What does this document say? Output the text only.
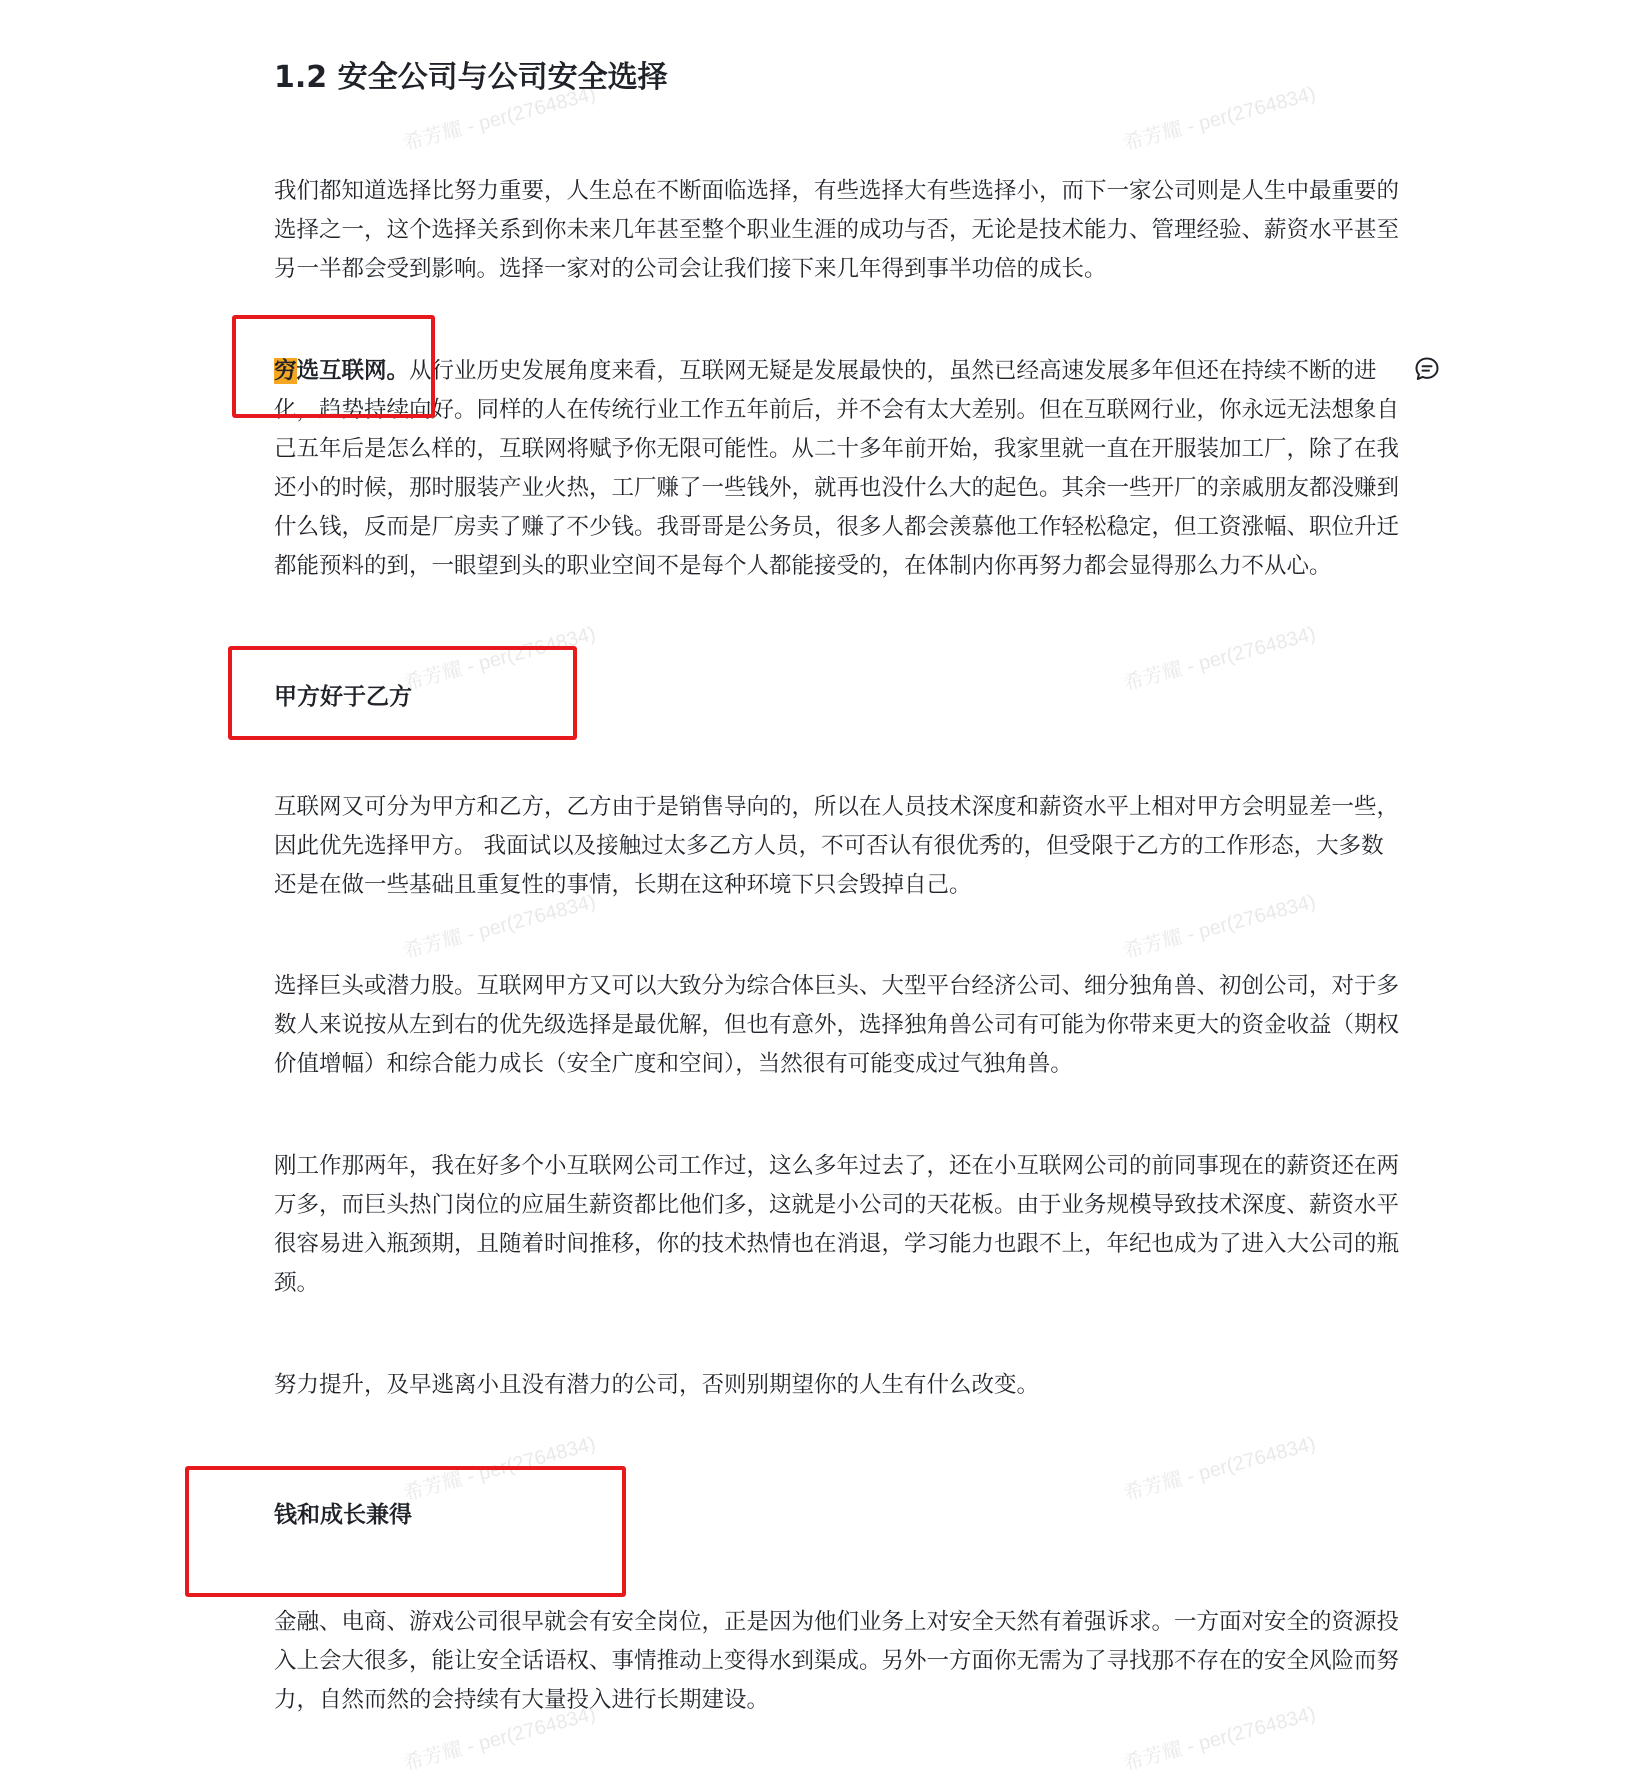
希芳耀 - per(2764834)	希芳耀 - per(2764834)
希芳耀 - per(2764834)	希芳耀 - per(2764834)
希芳耀 - per(2764834)	希芳耀 - per(2764834)
希芳耀 - per(2764834)	希芳耀 - per(2764834)
希芳耀 - per(2764834)	希芳耀 - per(2764834)
1.2 安全公司与公司安全选择

我们都知道选择比努力重要，人生总在不断面临选择，有些选择大有些选择小，而下一家公司则是人生中最重要的选择之一，这个选择关系到你未来几年甚至整个职业生涯的成功与否，无论是技术能力、管理经验、薪资水平甚至另一半都会受到影响。选择一家对的公司会让我们接下来几年得到事半功倍的成长。

穷选互联网。从行业历史发展角度来看，互联网无疑是发展最快的，虽然已经高速发展多年但还在持续不断的进化，趋势持续向好。同样的人在传统行业工作五年前后，并不会有太大差别。但在互联网行业，你永远无法想象自己五年后是怎么样的，互联网将赋予你无限可能性。从二十多年前开始，我家里就一直在开服装加工厂，除了在我还小的时候，那时服装产业火热，工厂赚了一些钱外，就再也没什么大的起色。其余一些开厂的亲戚朋友都没赚到什么钱，反而是厂房卖了赚了不少钱。我哥哥是公务员，很多人都会羡慕他工作轻松稳定，但工资涨幅、职位升迁都能预料的到，一眼望到头的职业空间不是每个人都能接受的，在体制内你再努力都会显得那么力不从心。

甲方好于乙方

互联网又可分为甲方和乙方，乙方由于是销售导向的，所以在人员技术深度和薪资水平上相对甲方会明显差一些，因此优先选择甲方。 我面试以及接触过太多乙方人员，不可否认有很优秀的，但受限于乙方的工作形态，大多数还是在做一些基础且重复性的事情，长期在这种环境下只会毁掉自己。

选择巨头或潜力股。互联网甲方又可以大致分为综合体巨头、大型平台经济公司、细分独角兽、初创公司，对于多数人来说按从左到右的优先级选择是最优解，但也有意外，选择独角兽公司有可能为你带来更大的资金收益（期权价值增幅）和综合能力成长（安全广度和空间），当然很有可能变成过气独角兽。

刚工作那两年，我在好多个小互联网公司工作过，这么多年过去了，还在小互联网公司的前同事现在的薪资还在两万多，而巨头热门岗位的应届生薪资都比他们多，这就是小公司的天花板。由于业务规模导致技术深度、薪资水平很容易进入瓶颈期，且随着时间推移，你的技术热情也在消退，学习能力也跟不上，年纪也成为了进入大公司的瓶颈。

努力提升，及早逃离小且没有潜力的公司，否则别期望你的人生有什么改变。

钱和成长兼得

金融、电商、游戏公司很早就会有安全岗位，正是因为他们业务上对安全天然有着强诉求。一方面对安全的资源投入上会大很多，能让安全话语权、事情推动上变得水到渠成。另外一方面你无需为了寻找那不存在的安全风险而努力，自然而然的会持续有大量投入进行长期建设。
